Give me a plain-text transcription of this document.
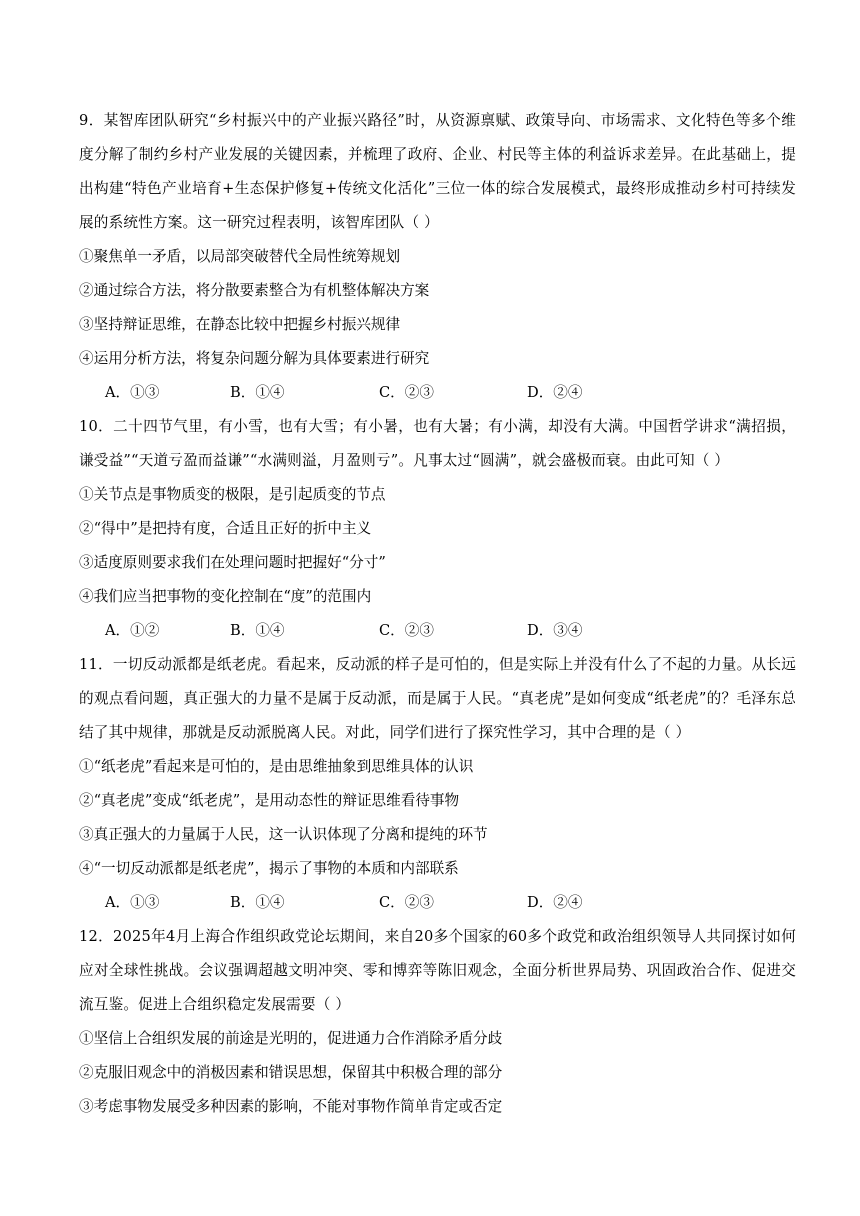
9．某智库团队研究“乡村振兴中的产业振兴路径”时，从资源禀赋、政策导向、市场需求、文化特色等多个维度分解了制约乡村产业发展的关键因素，并梳理了政府、企业、村民等主体的利益诉求差异。在此基础上，提出构建“特色产业培育+生态保护修复+传统文化活化”三位一体的综合发展模式，最终形成推动乡村可持续发展的系统性方案。这一研究过程表明，该智库团队（ ）

①聚焦单一矛盾，以局部突破替代全局性统筹规划
②通过综合方法，将分散要素整合为有机整体解决方案
③坚持辩证思维，在静态比较中把握乡村振兴规律
④运用分析方法，将复杂问题分解为具体要素进行研究
A．①③	B．①④	C．②③	D．②④

10．二十四节气里，有小雪，也有大雪；有小暑，也有大暑；有小满，却没有大满。中国哲学讲求“满招损，谦受益”“天道亏盈而益谦”“水满则溢，月盈则亏”。凡事太过“圆满”，就会盛极而衰。由此可知（ ）

①关节点是事物质变的极限，是引起质变的节点
②“得中”是把持有度，合适且正好的折中主义
③适度原则要求我们在处理问题时把握好“分寸”
④我们应当把事物的变化控制在“度”的范围内
A．①②	B．①④	C．②③	D．③④

11．一切反动派都是纸老虎。看起来，反动派的样子是可怕的，但是实际上并没有什么了不起的力量。从长远的观点看问题，真正强大的力量不是属于反动派，而是属于人民。“真老虎”是如何变成“纸老虎”的？毛泽东总结了其中规律，那就是反动派脱离人民。对此，同学们进行了探究性学习，其中合理的是（ ）

①“纸老虎”看起来是可怕的，是由思维抽象到思维具体的认识
②“真老虎”变成“纸老虎”，是用动态性的辩证思维看待事物
③真正强大的力量属于人民，这一认识体现了分离和提纯的环节
④“一切反动派都是纸老虎”，揭示了事物的本质和内部联系
A．①③	B．①④	C．②③	D．②④

12．2025年4月上海合作组织政党论坛期间，来自20多个国家的60多个政党和政治组织领导人共同探讨如何应对全球性挑战。会议强调超越文明冲突、零和博弈等陈旧观念，全面分析世界局势、巩固政治合作、促进交流互鉴。促进上合组织稳定发展需要（ ）

①坚信上合组织发展的前途是光明的，促进通力合作消除矛盾分歧
②克服旧观念中的消极因素和错误思想，保留其中积极合理的部分
③考虑事物发展受多种因素的影响，不能对事物作简单肯定或否定
